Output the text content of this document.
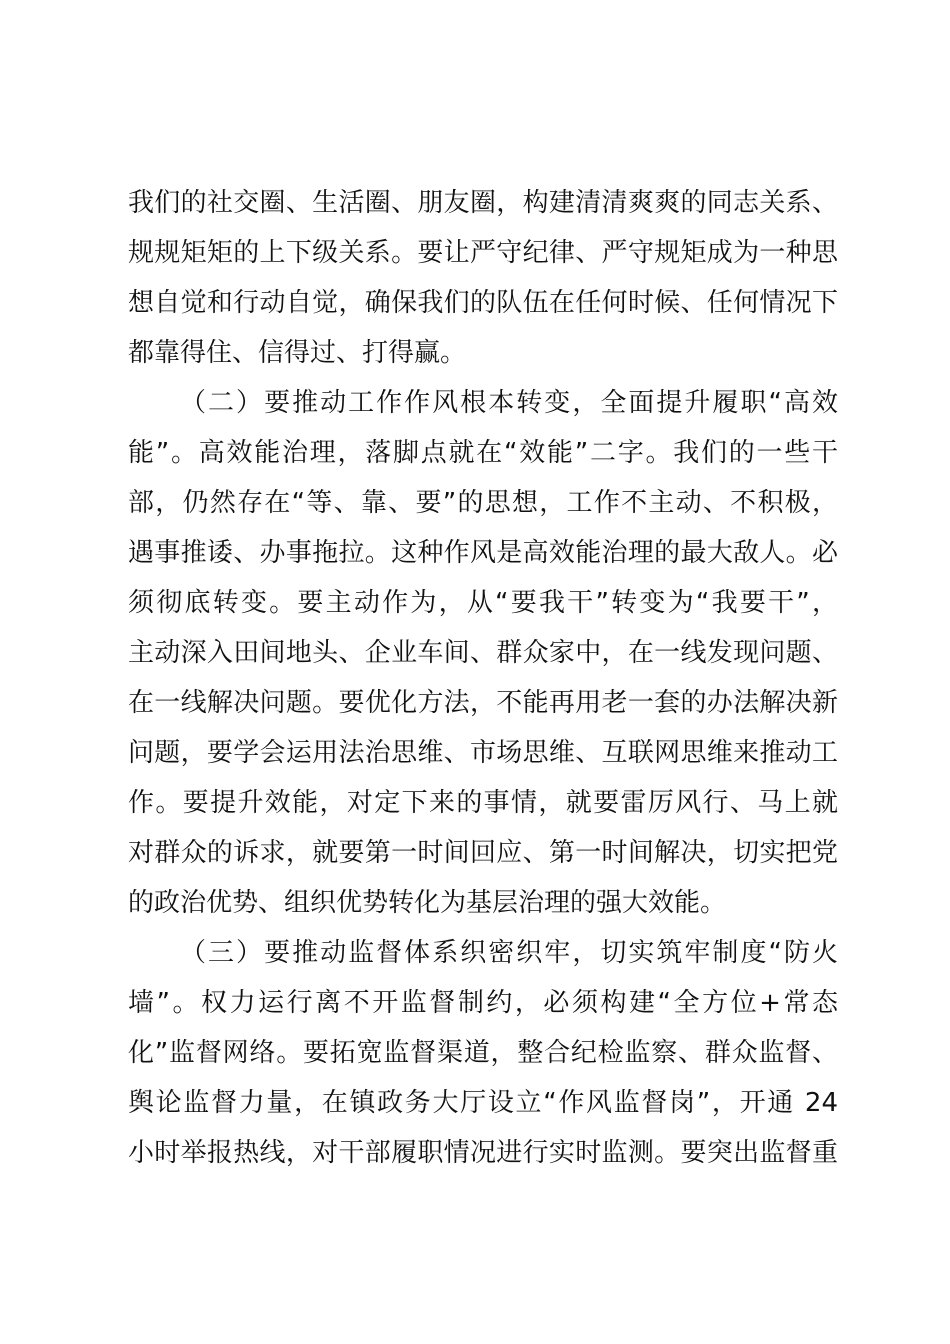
我们的社交圈、生活圈、朋友圈，构建清清爽爽的同志关系、
规规矩矩的上下级关系。要让严守纪律、严守规矩成为一种思
想自觉和行动自觉，确保我们的队伍在任何时候、任何情况下
都靠得住、信得过、打得赢。
（二）要推动工作作风根本转变，全面提升履职“高效
能”。高效能治理，落脚点就在“效能”二字。我们的一些干
部，仍然存在“等、靠、要”的思想，工作不主动、不积极，
遇事推诿、办事拖拉。这种作风是高效能治理的最大敌人。必
须彻底转变。要主动作为，从“要我干”转变为“我要干”，
主动深入田间地头、企业车间、群众家中，在一线发现问题、
在一线解决问题。要优化方法，不能再用老一套的办法解决新
问题，要学会运用法治思维、市场思维、互联网思维来推动工
作。要提升效能，对定下来的事情，就要雷厉风行、马上就
对群众的诉求，就要第一时间回应、第一时间解决，切实把党
的政治优势、组织优势转化为基层治理的强大效能。
（三）要推动监督体系织密织牢，切实筑牢制度“防火
墙”。权力运行离不开监督制约，必须构建“全方位+常态
化”监督网络。要拓宽监督渠道，整合纪检监察、群众监督、
舆论监督力量，在镇政务大厅设立“作风监督岗”，开通 24
小时举报热线，对干部履职情况进行实时监测。要突出监督重
